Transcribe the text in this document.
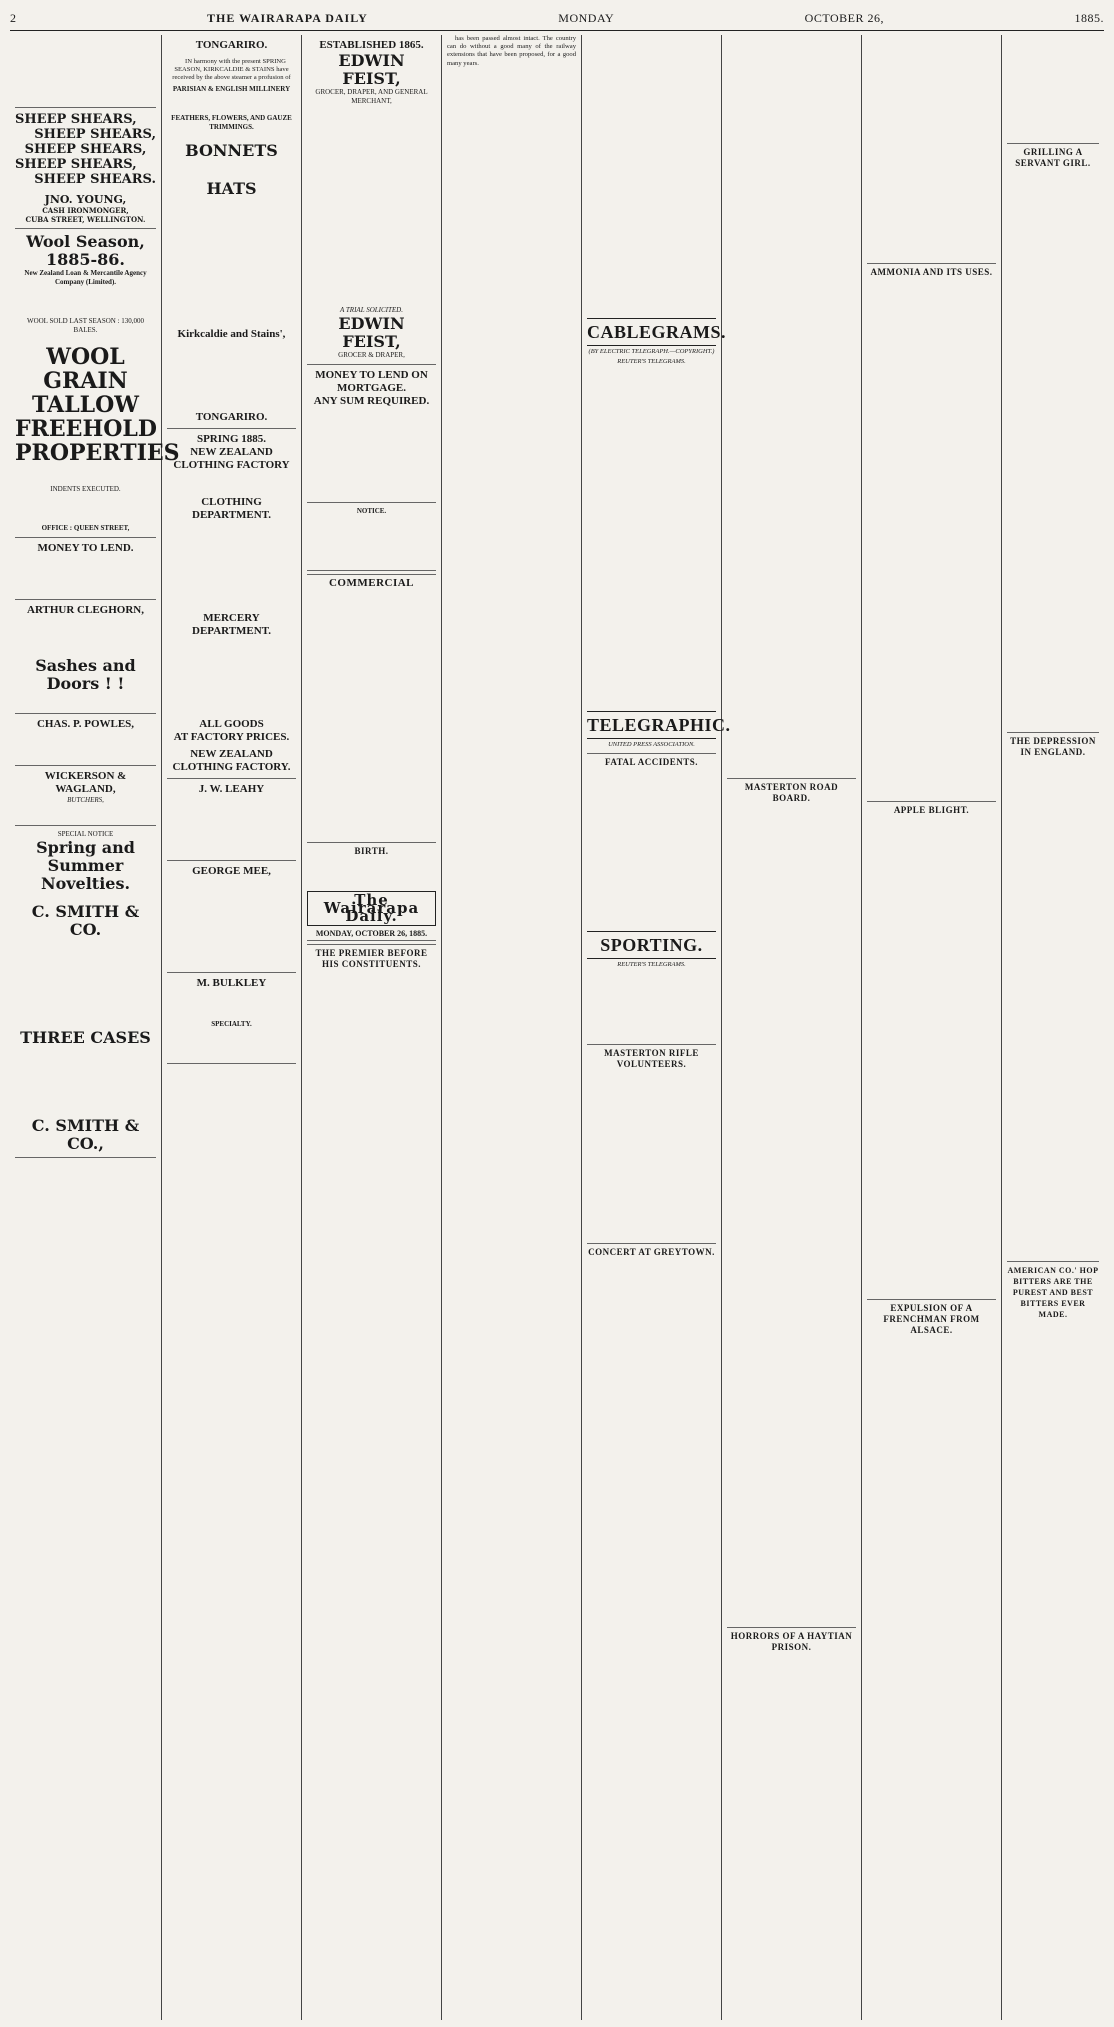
2	THE WAIRARAPA DAILY	MONDAY	OCTOBER 26,	1885.
SHEEP SHEARS,
SHEEP SHEARS,
SHEEP SHEARS,
SHEEP SHEARS,
SHEEP SHEARS.
JNO. YOUNG,
CASH IRONMONGER,
CUBA STREET, WELLINGTON.
Wool Season,
1885-86.
New Zealand Loan & Mercantile Agency Company (Limited).
WOOL SOLD LAST SEASON : 130,000 BALES.
WOOL
GRAIN
TALLOW
FREEHOLD
PROPERTIES
INDENTS EXECUTED.
OFFICE : QUEEN STREET,
MONEY TO LEND.
ARTHUR CLEGHORN,
Sashes and Doors ! !
CHAS. P. POWLES,
WICKERSON & WAGLAND,
BUTCHERS,
SPECIAL NOTICE
Spring and Summer Novelties.
C. SMITH & CO.
THREE CASES
C. SMITH & CO.,
TONGARIRO.

IN harmony with the present SPRING SEASON, KIRKCALDIE & STAINS have received by the above steamer a profusion of

PARISIAN & ENGLISH MILLINERY
FEATHERS, FLOWERS, AND GAUZE TRIMMINGS.
BONNETS
HATS
Kirkcaldie and Stains',
TONGARIRO.
SPRING 1885.
NEW ZEALAND CLOTHING FACTORY
CLOTHING DEPARTMENT.
MERCERY DEPARTMENT.
ALL GOODS
AT FACTORY PRICES.
NEW ZEALAND CLOTHING FACTORY.
J. W. LEAHY
GEORGE MEE,
M. BULKLEY
SPECIALTY.
ESTABLISHED 1865.
EDWIN FEIST,
GROCER, DRAPER, AND GENERAL MERCHANT,
A TRIAL SOLICITED.
EDWIN FEIST,
GROCER & DRAPER,
MONEY TO LEND ON MORTGAGE.
ANY SUM REQUIRED.
NOTICE.
COMMERCIAL
BIRTH.
The Wairarapa Daily.
MONDAY, OCTOBER 26, 1885.
THE PREMIER BEFORE HIS CONSTITUENTS.

has been passed almost intact. The country can do without a good many of the railway extensions that have been proposed, for a good many years.

CABLEGRAMS.
(BY ELECTRIC TELEGRAPH.—COPYRIGHT.)
REUTER'S TELEGRAMS.
TELEGRAPHIC.
UNITED PRESS ASSOCIATION.
FATAL ACCIDENTS.
SPORTING.
REUTER'S TELEGRAMS.
MASTERTON RIFLE VOLUNTEERS.
CONCERT AT GREYTOWN.
MASTERTON ROAD BOARD.
HORRORS OF A HAYTIAN PRISON.
AMMONIA AND ITS USES.
APPLE BLIGHT.
EXPULSION OF A FRENCHMAN FROM ALSACE.
GRILLING A SERVANT GIRL.
THE DEPRESSION IN ENGLAND.
AMERICAN CO.' HOP BITTERS ARE THE PUREST AND BEST BITTERS EVER MADE.
